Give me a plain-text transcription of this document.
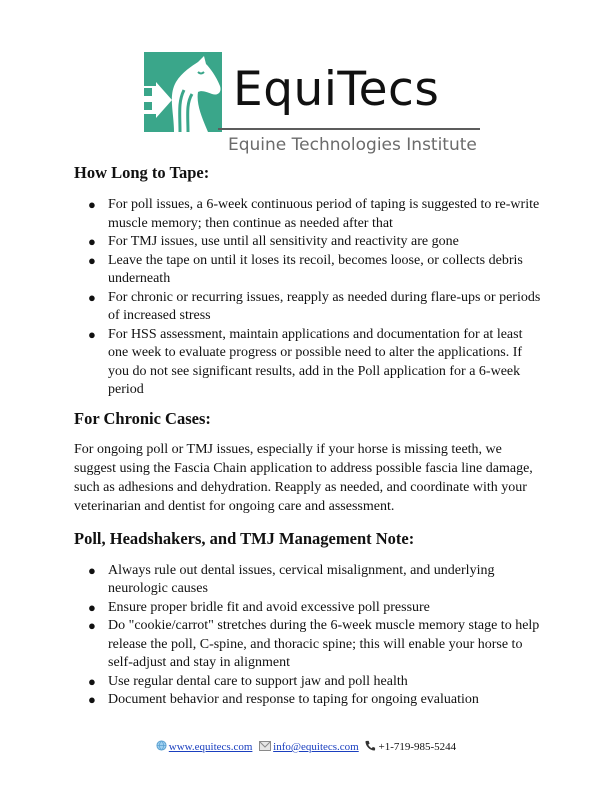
EquiTecs
Equine Technologies Institute
How Long to Tape:
● For poll issues, a 6-week continuous period of taping is suggested to re-write muscle memory; then continue as needed after that
● For TMJ issues, use until all sensitivity and reactivity are gone
● Leave the tape on until it loses its recoil, becomes loose, or collects debris underneath
● For chronic or recurring issues, reapply as needed during flare-ups or periods of increased stress
● For HSS assessment, maintain applications and documentation for at least one week to evaluate progress or possible need to alter the applications. If you do not see significant results, add in the Poll application for a 6-week period
For Chronic Cases:

For ongoing poll or TMJ issues, especially if your horse is missing teeth, we suggest using the Fascia Chain application to address possible fascia line damage, such as adhesions and dehydration. Reapply as needed, and coordinate with your veterinarian and dentist for ongoing care and assessment.

Poll, Headshakers, and TMJ Management Note:
● Always rule out dental issues, cervical misalignment, and underlying neurologic causes
● Ensure proper bridle fit and avoid excessive poll pressure
● Do "cookie/carrot" stretches during the 6-week muscle memory stage to help release the poll, C-spine, and thoracic spine; this will enable your horse to self-adjust and stay in alignment
● Use regular dental care to support jaw and poll health
● Document behavior and response to taping for ongoing evaluation
www.equitecs.com info@equitecs.com +1-719-985-5244
